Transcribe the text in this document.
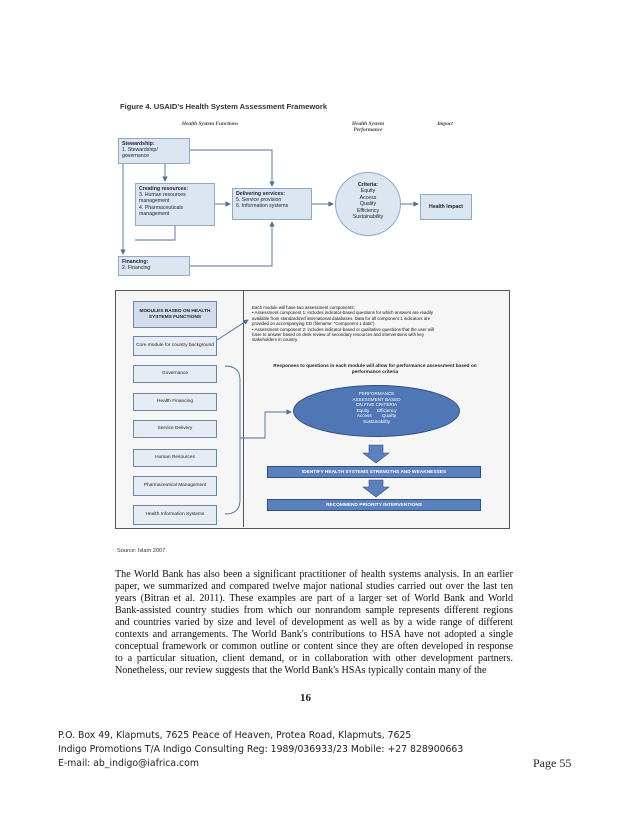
Figure 4. USAID's Health System Assessment Framework
Health System Functions	Health System Performance
Impact
Stewardship:
1. Stewardship/
governance
Creating resources:
3. Human resources
management
4. Pharmaceuticals
management
Delivering services:
5. Service provision
6. Information systems
Financing:
2. Financing
Criteria:
Equity
Access
Quality
Efficiency
Sustainability
Health Impact
MODULES BASED ON HEALTH SYSTEMS FUNCTIONS
Core module for country background
Governance
Health Financing
Service Delivery
Human Resources
Pharmaceutical Management
Health Information Systems
Each module will have two assessment components:
• Assessment component 1: includes indicator-based questions for which answers are readily
available from standardized international databases. Data for all component 1 indicators are
provided on accompanying CD (filename: "Component 1 data")
• Assessment component 2: includes indicator-based or qualitative questions that the user will
have to answer based on desk review of secondary resources and interventions with key
stakeholders in country.
Responses to questions in each module will allow for performance assessment based on performance criteria
PERFORMANCE
ASSESSMENT BASED
ON FIVE CRITERIA
Equity      Efficiency
Access        Quality
Sustainability
IDENTIFY HEALTH SYSTEMS STRENGTHS AND WEAKNESSES
RECOMMEND PRIORITY INTERVENTIONS
Source: Islam 2007.
The World Bank has also been a significant practitioner of health systems analysis. In an earlier
paper, we summarized and compared twelve major national studies carried out over the last ten
years (Bitran et al. 2011). These examples are part of a larger set of World Bank and World
Bank-assisted country studies from which our nonrandom sample represents different regions
and countries varied by size and level of development as well as by a wide range of different
contexts and arrangements. The World Bank's contributions to HSA have not adopted a single
conceptual framework or common outline or content since they are often developed in response
to a particular situation, client demand, or in collaboration with other development partners.
Nonetheless, our review suggests that the World Bank's HSAs typically contain many of the
16
P.O. Box 49, Klapmuts, 7625 Peace of Heaven, Protea Road, Klapmuts, 7625
Indigo Promotions T/A Indigo Consulting Reg: 1989/036933/23 Mobile: +27 828900663
E-mail: ab_indigo@iafrica.com	Page 55
